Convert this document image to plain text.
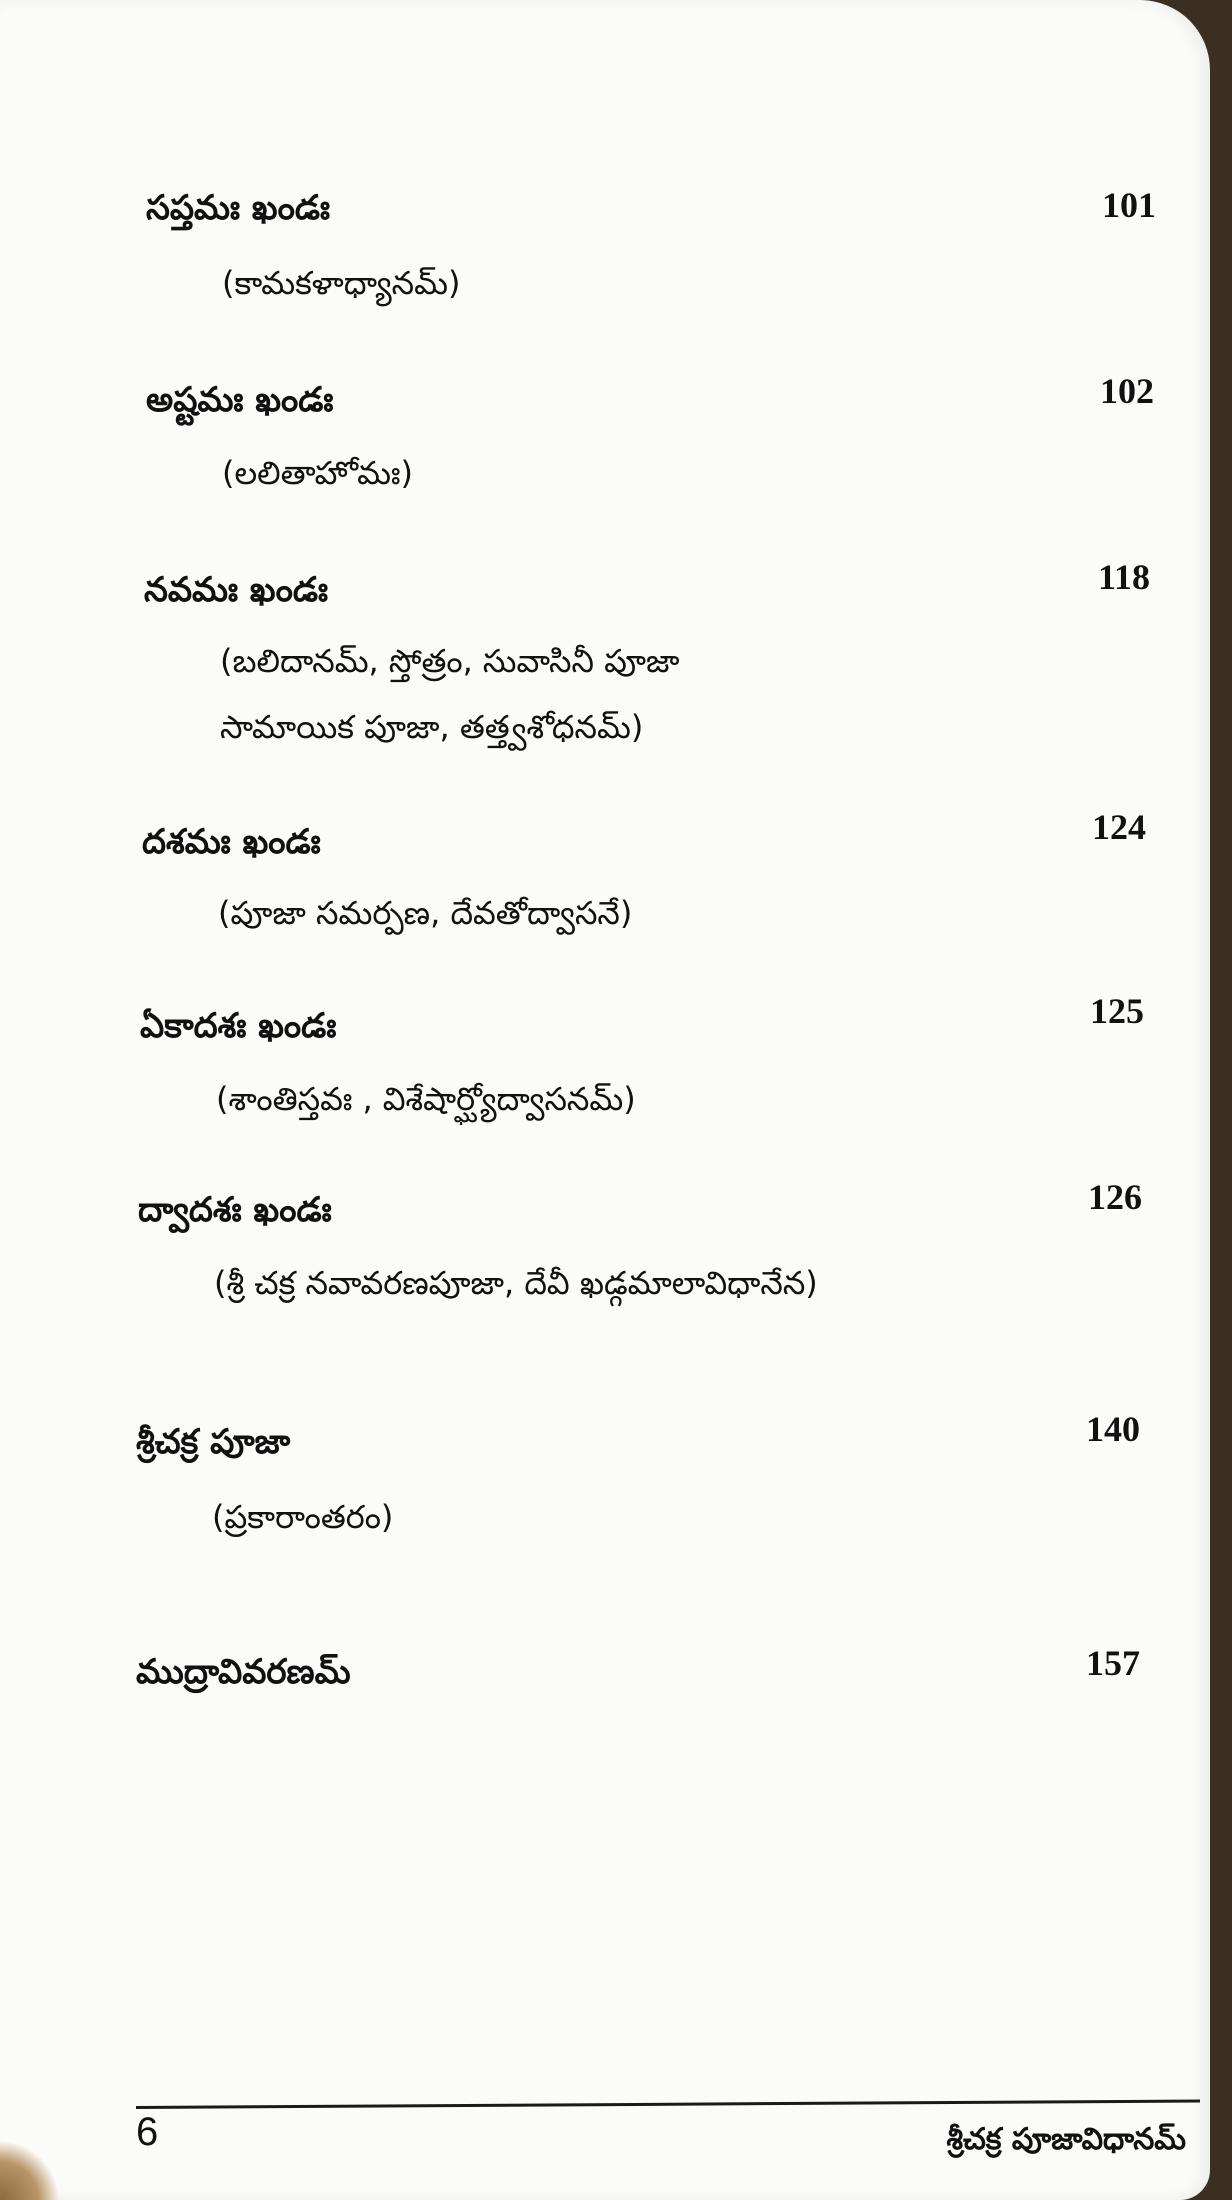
సప్తమః ఖండః	101
(కామకళాధ్యానమ్)
అష్టమః ఖండః	102
(లలితాహోమః)
నవమః ఖండః	118
(బలిదానమ్, స్తోత్రం, సువాసినీ పూజా
సామాయిక పూజా, తత్త్వశోధనమ్)
దశమః ఖండః	124
(పూజా సమర్పణ, దేవతోద్వాసనే)
ఏకాదశః ఖండః	125
(శాంతిస్తవః , విశేషార్ఘ్యోద్వాసనమ్)
ద్వాదశః ఖండః	126
(శ్రీ చక్ర నవావరణపూజా, దేవీ ఖడ్గమాలావిధానేన)
శ్రీచక్ర పూజా	140
(ప్రకారాంతరం)
ముద్రావివరణమ్	157
6	శ్రీచక్ర పూజావిధానమ్
